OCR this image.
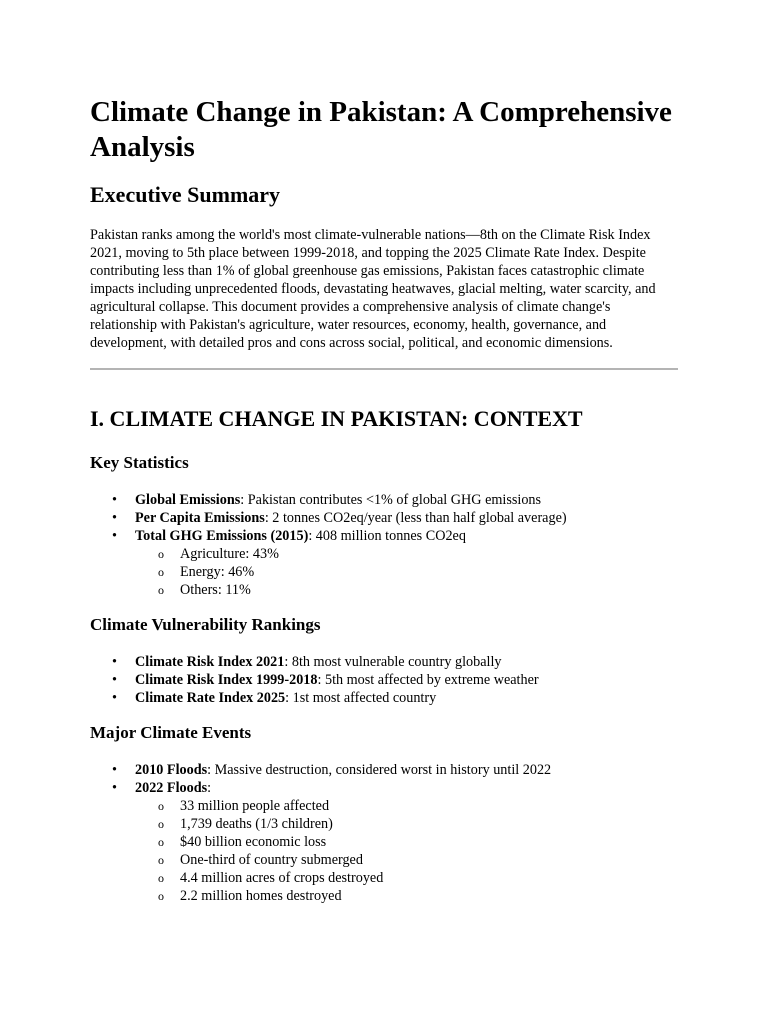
Climate Change in Pakistan: A Comprehensive Analysis
Executive Summary

Pakistan ranks among the world's most climate-vulnerable nations—8th on the Climate Risk Index 2021, moving to 5th place between 1999-2018, and topping the 2025 Climate Rate Index. Despite contributing less than 1% of global greenhouse gas emissions, Pakistan faces catastrophic climate impacts including unprecedented floods, devastating heatwaves, glacial melting, water scarcity, and agricultural collapse. This document provides a comprehensive analysis of climate change's relationship with Pakistan's agriculture, water resources, economy, health, governance, and development, with detailed pros and cons across social, political, and economic dimensions.

I. CLIMATE CHANGE IN PAKISTAN: CONTEXT
Key Statistics
• Global Emissions: Pakistan contributes <1% of global GHG emissions
• Per Capita Emissions: 2 tonnes CO2eq/year (less than half global average)
• Total GHG Emissions (2015): 408 million tonnes CO2eq
o Agriculture: 43%
o Energy: 46%
o Others: 11%
Climate Vulnerability Rankings
• Climate Risk Index 2021: 8th most vulnerable country globally
• Climate Risk Index 1999-2018: 5th most affected by extreme weather
• Climate Rate Index 2025: 1st most affected country
Major Climate Events
• 2010 Floods: Massive destruction, considered worst in history until 2022
• 2022 Floods:
o 33 million people affected
o 1,739 deaths (1/3 children)
o $40 billion economic loss
o One-third of country submerged
o 4.4 million acres of crops destroyed
o 2.2 million homes destroyed
